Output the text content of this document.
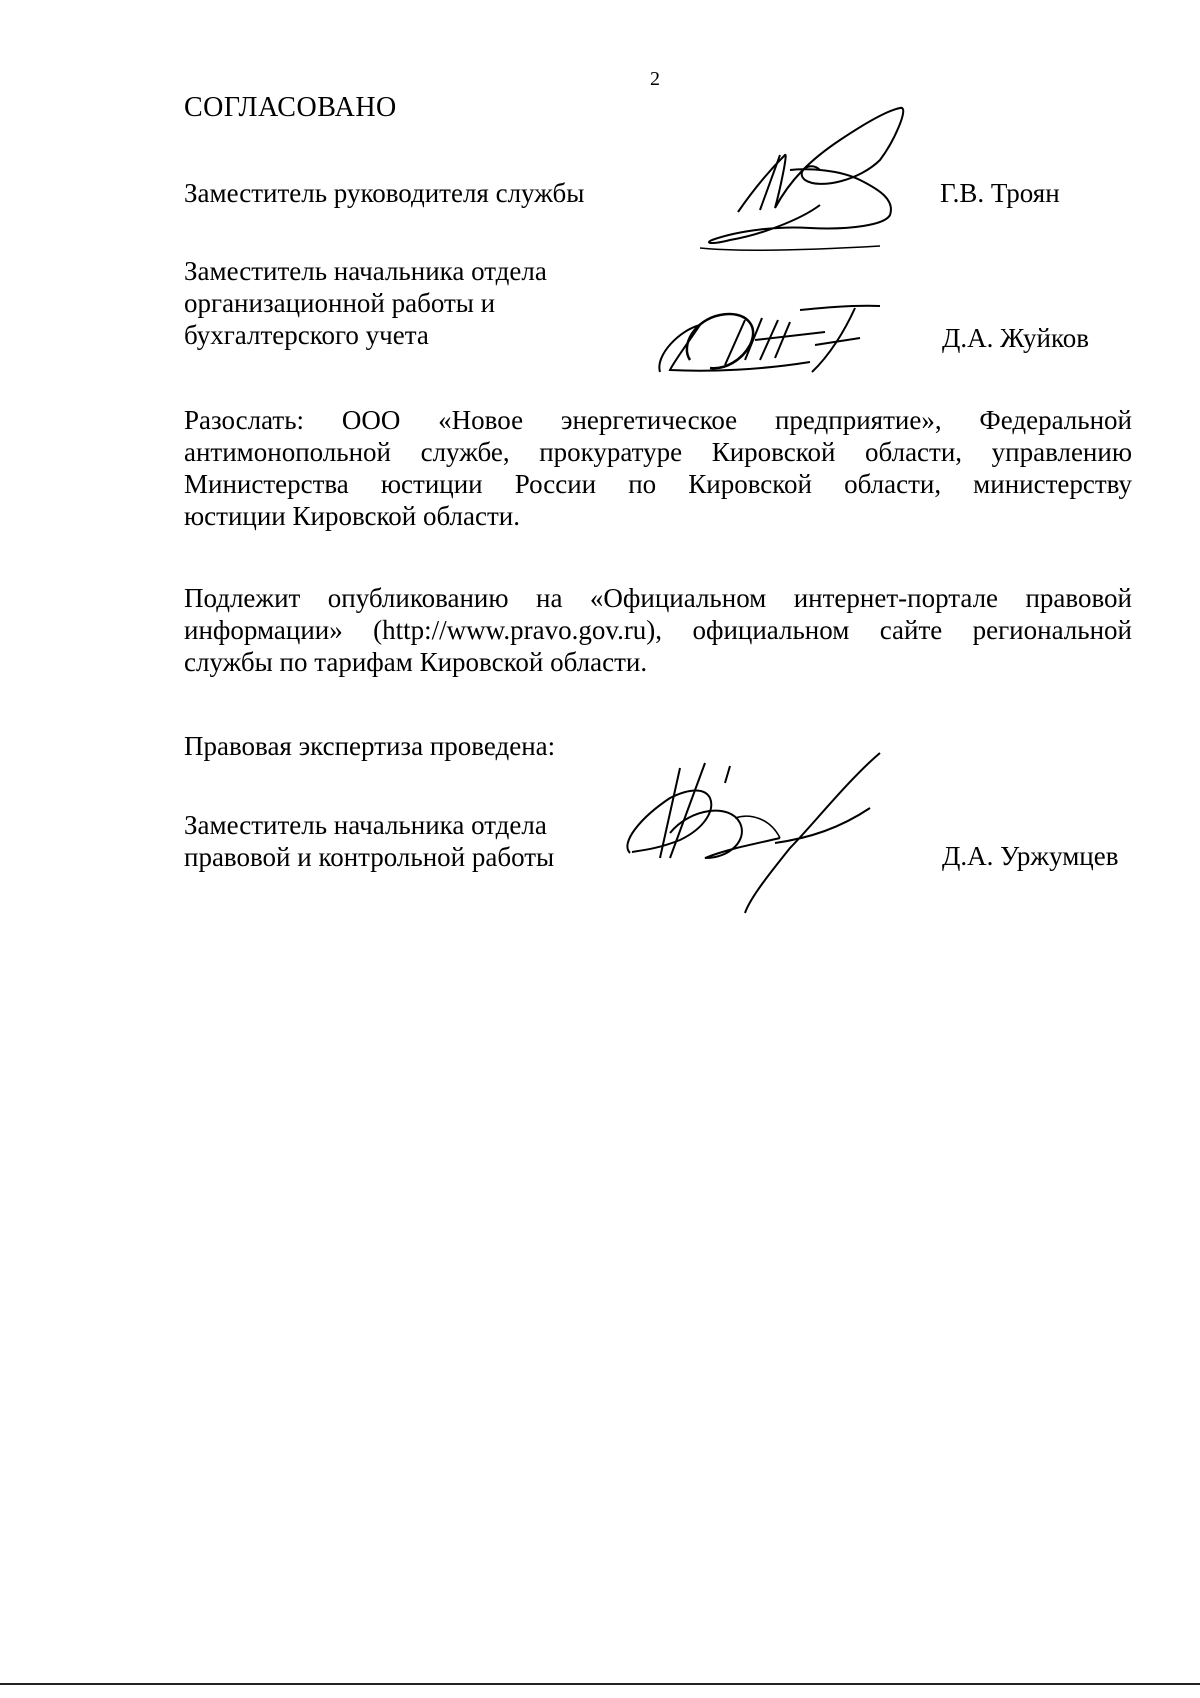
2
СОГЛАСОВАНО
Заместитель руководителя службы	Г.В. Троян
Заместитель начальника отдела
организационной работы и
бухгалтерского учета	Д.А. Жуйков
Разослать: ООО «Новое энергетическое предприятие», Федеральной
антимонопольной службе, прокуратуре Кировской области, управлению
Министерства юстиции России по Кировской области, министерству
юстиции Кировской области.
Подлежит опубликованию на «Официальном интернет-портале правовой
информации» (http://www.pravo.gov.ru), официальном сайте региональной
службы по тарифам Кировской области.
Правовая экспертиза проведена:
Заместитель начальника отдела
правовой и контрольной работы	Д.А. Уржумцев
